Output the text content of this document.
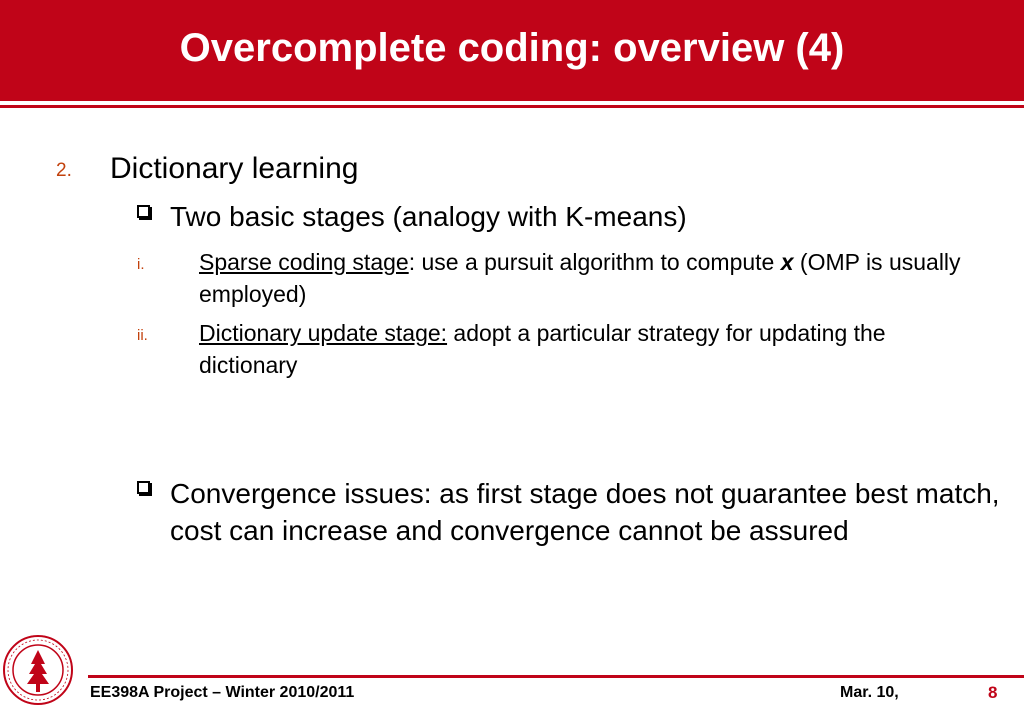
Overcomplete coding: overview (4)
2. Dictionary learning
Two basic stages (analogy with K-means)
i. Sparse coding stage: use a pursuit algorithm to compute x (OMP is usually employed)
ii. Dictionary update stage: adopt a particular strategy for updating the dictionary
Convergence issues: as first stage does not guarantee best match, cost can increase and convergence cannot be assured
EE398A Project – Winter 2010/2011	Mar. 10,	8
